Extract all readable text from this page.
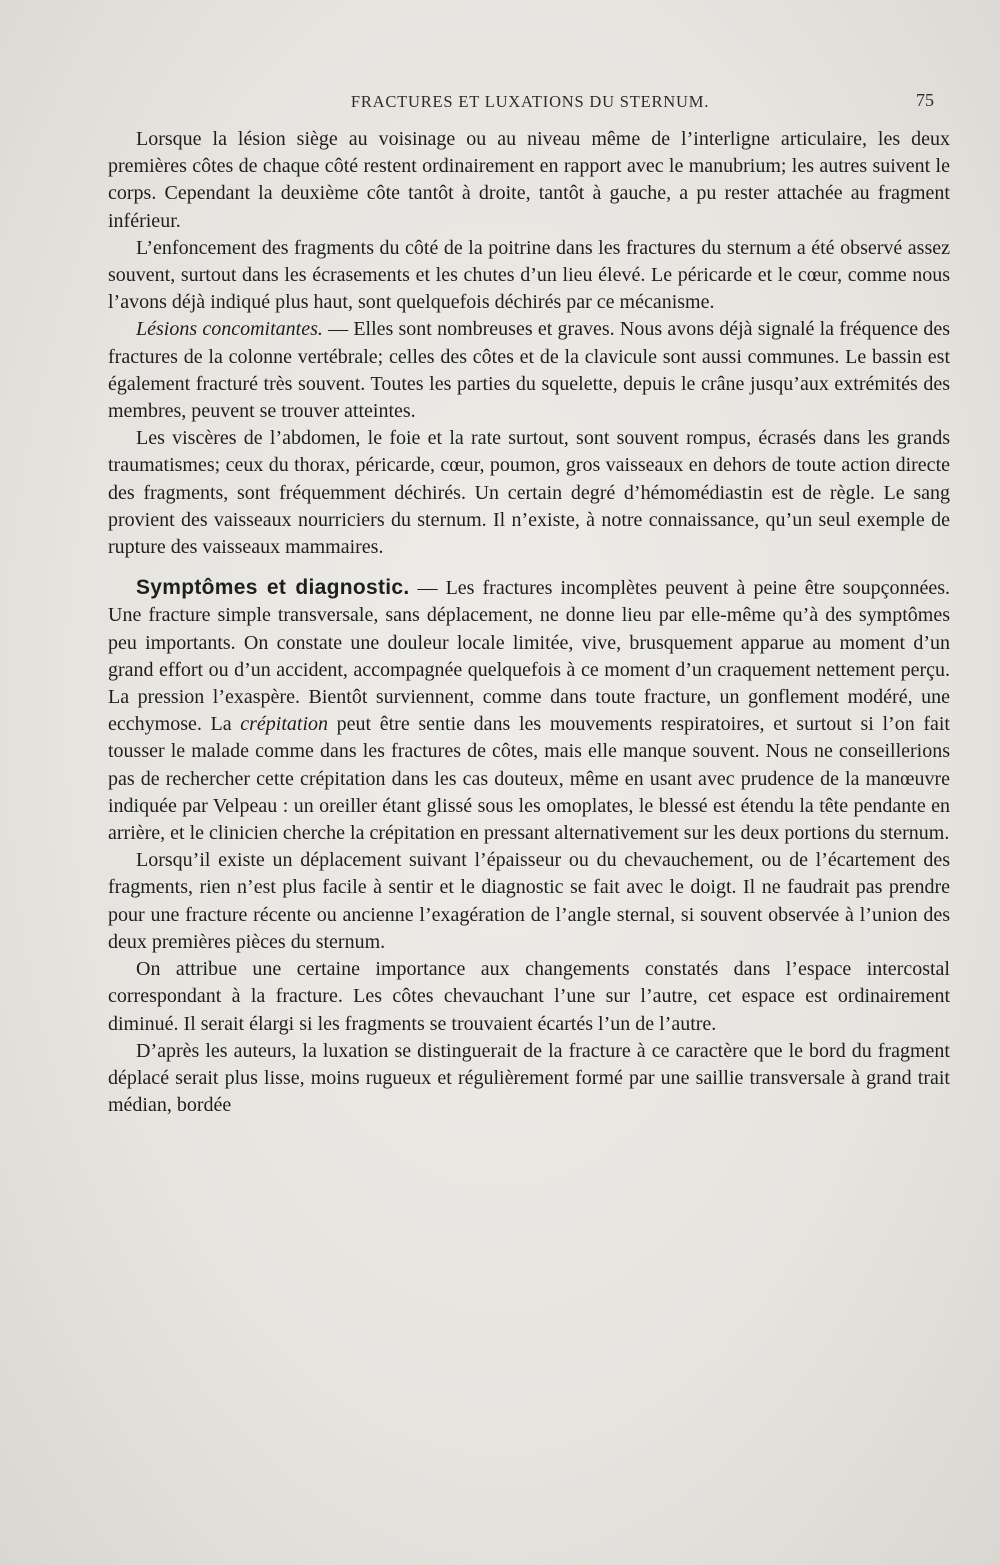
FRACTURES ET LUXATIONS DU STERNUM.	75

Lorsque la lésion siège au voisinage ou au niveau même de l’interligne articulaire, les deux premières côtes de chaque côté restent ordinairement en rapport avec le manubrium; les autres suivent le corps. Cependant la deuxième côte tantôt à droite, tantôt à gauche, a pu rester attachée au fragment inférieur.

L’enfoncement des fragments du côté de la poitrine dans les fractures du sternum a été observé assez souvent, surtout dans les écrasements et les chutes d’un lieu élevé. Le péricarde et le cœur, comme nous l’avons déjà indiqué plus haut, sont quelquefois déchirés par ce mécanisme.

Lésions concomitantes. — Elles sont nombreuses et graves. Nous avons déjà signalé la fréquence des fractures de la colonne vertébrale; celles des côtes et de la clavicule sont aussi communes. Le bassin est également fracturé très souvent. Toutes les parties du squelette, depuis le crâne jusqu’aux extrémités des membres, peuvent se trouver atteintes.

Les viscères de l’abdomen, le foie et la rate surtout, sont souvent rompus, écrasés dans les grands traumatismes; ceux du thorax, péricarde, cœur, poumon, gros vaisseaux en dehors de toute action directe des fragments, sont fréquemment déchirés. Un certain degré d’hémomédiastin est de règle. Le sang provient des vaisseaux nourriciers du sternum. Il n’existe, à notre connaissance, qu’un seul exemple de rupture des vaisseaux mammaires.

Symptômes et diagnostic. — Les fractures incomplètes peuvent à peine être soupçonnées. Une fracture simple transversale, sans déplacement, ne donne lieu par elle-même qu’à des symptômes peu importants. On constate une douleur locale limitée, vive, brusquement apparue au moment d’un grand effort ou d’un accident, accompagnée quelquefois à ce moment d’un craquement nettement perçu. La pression l’exaspère. Bientôt surviennent, comme dans toute fracture, un gonflement modéré, une ecchymose. La crépitation peut être sentie dans les mouvements respiratoires, et surtout si l’on fait tousser le malade comme dans les fractures de côtes, mais elle manque souvent. Nous ne conseillerions pas de rechercher cette crépitation dans les cas douteux, même en usant avec prudence de la manœuvre indiquée par Velpeau : un oreiller étant glissé sous les omoplates, le blessé est étendu la tête pendante en arrière, et le clinicien cherche la crépitation en pressant alternativement sur les deux portions du sternum.

Lorsqu’il existe un déplacement suivant l’épaisseur ou du chevauchement, ou de l’écartement des fragments, rien n’est plus facile à sentir et le diagnostic se fait avec le doigt. Il ne faudrait pas prendre pour une fracture récente ou ancienne l’exagération de l’angle sternal, si souvent observée à l’union des deux premières pièces du sternum.

On attribue une certaine importance aux changements constatés dans l’espace intercostal correspondant à la fracture. Les côtes chevauchant l’une sur l’autre, cet espace est ordinairement diminué. Il serait élargi si les fragments se trouvaient écartés l’un de l’autre.

D’après les auteurs, la luxation se distinguerait de la fracture à ce caractère que le bord du fragment déplacé serait plus lisse, moins rugueux et régulièrement formé par une saillie transversale à grand trait médian, bordée
